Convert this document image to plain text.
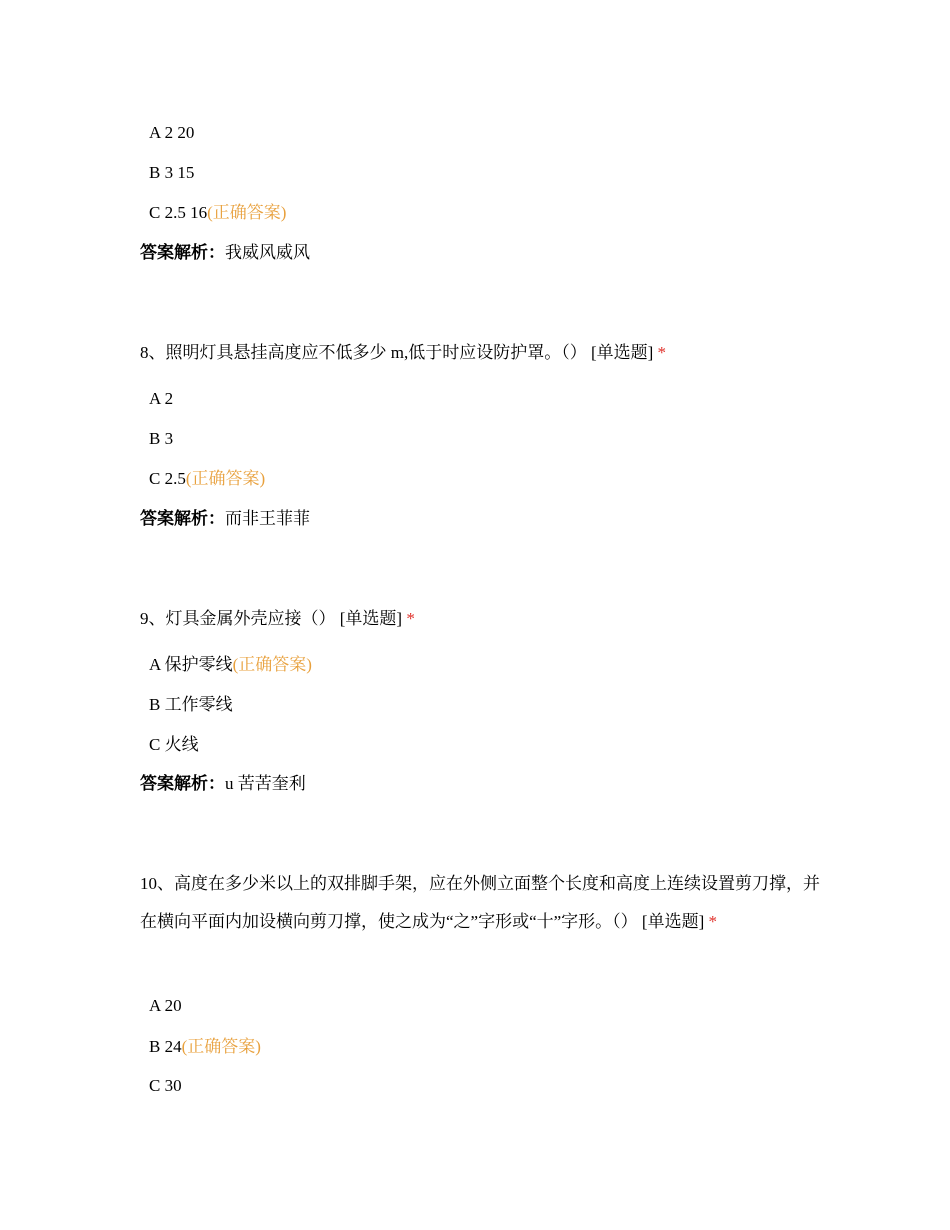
A 2 20
B 3 15
C 2.5 16(正确答案)
答案解析：我威风威风
8、照明灯具悬挂高度应不低多少 m,低于时应设防护罩。（） [单选题] *
A 2
B 3
C 2.5(正确答案)
答案解析：而非王菲菲
9、灯具金属外壳应接（） [单选题] *
A 保护零线(正确答案)
B 工作零线
C 火线
答案解析：u 苦苦奎利
10、高度在多少米以上的双排脚手架，应在外侧立面整个长度和高度上连续设置剪刀撑，并在横向平面内加设横向剪刀撑，使之成为“之”字形或“十”字形。（） [单选题] *
A 20
B 24(正确答案)
C 30
